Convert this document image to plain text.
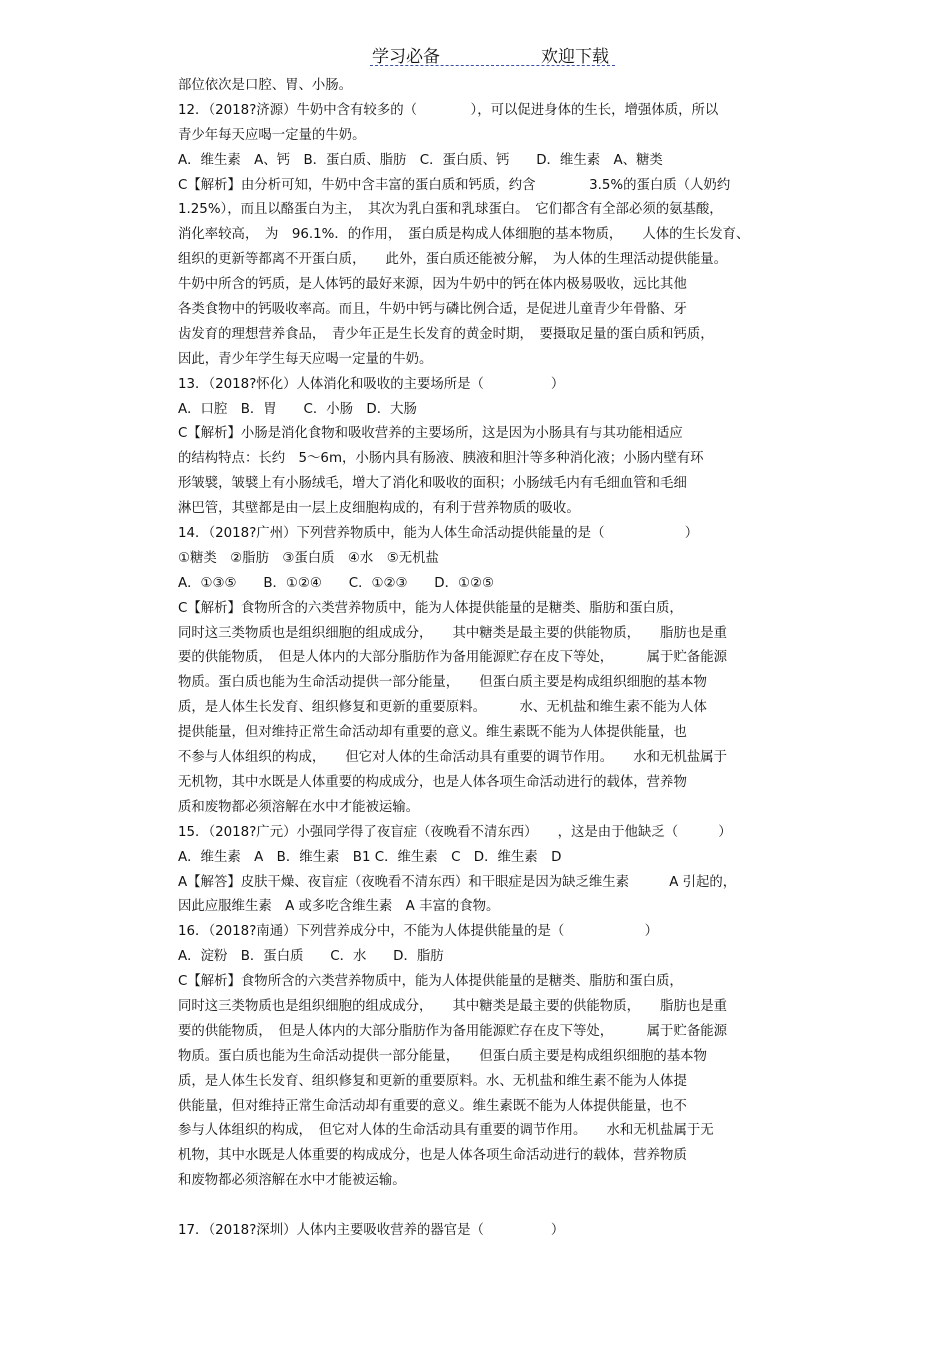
学习必备	欢迎下载
部位依次是口腔、胃、小肠。
12．（2018?济源）牛奶中含有较多的（　　　　），可以促进身体的生长，增强体质，所以
青少年每天应喝一定量的牛奶。
A．维生素　A、钙　B．蛋白质、脂肪　C．蛋白质、钙　　D．维生素　A、糖类
C【解析】由分析可知，牛奶中含丰富的蛋白质和钙质，约含　　　　3.5%的蛋白质（人奶约
1.25%），而且以酪蛋白为主，　其次为乳白蛋和乳球蛋白。　它们都含有全部必须的氨基酸，
消化率较高，　为　96.1%．的作用，　蛋白质是构成人体细胞的基本物质，　　人体的生长发育、
组织的更新等都离不开蛋白质，　　此外，蛋白质还能被分解，　为人体的生理活动提供能量。
牛奶中所含的钙质，是人体钙的最好来源，因为牛奶中的钙在体内极易吸收，远比其他
各类食物中的钙吸收率高。而且，牛奶中钙与磷比例合适，是促进儿童青少年骨骼、牙
齿发育的理想营养食品，　青少年正是生长发育的黄金时期，　要摄取足量的蛋白质和钙质，
因此，青少年学生每天应喝一定量的牛奶。
13．（2018?怀化）人体消化和吸收的主要场所是（　　　　　）
A．口腔　B．胃　　C．小肠　D．大肠
C【解析】小肠是消化食物和吸收营养的主要场所，这是因为小肠具有与其功能相适应
的结构特点：长约　5～6m，小肠内具有肠液、胰液和胆汁等多种消化液；小肠内壁有环
形皱襞，皱襞上有小肠绒毛，增大了消化和吸收的面积；小肠绒毛内有毛细血管和毛细
淋巴管，其壁都是由一层上皮细胞构成的，有利于营养物质的吸收。
14．（2018?广州）下列营养物质中，能为人体生命活动提供能量的是（　　　　　　）
①糖类　②脂肪　③蛋白质　④水　⑤无机盐
A．①③⑤　　B．①②④　　C．①②③　　D．①②⑤
C【解析】食物所含的六类营养物质中，能为人体提供能量的是糖类、脂肪和蛋白质，
同时这三类物质也是组织细胞的组成成分，　　其中糖类是最主要的供能物质，　　脂肪也是重
要的供能物质，　但是人体内的大部分脂肪作为备用能源贮存在皮下等处，　　　属于贮备能源
物质。蛋白质也能为生命活动提供一部分能量，　　但蛋白质主要是构成组织细胞的基本物
质，是人体生长发育、组织修复和更新的重要原料。　　　水、无机盐和维生素不能为人体
提供能量，但对维持正常生命活动却有重要的意义。维生素既不能为人体提供能量，也
不参与人体组织的构成，　　但它对人体的生命活动具有重要的调节作用。　　水和无机盐属于
无机物，其中水既是人体重要的构成成分，也是人体各项生命活动进行的载体，营养物
质和废物都必须溶解在水中才能被运输。
15．（2018?广元）小强同学得了夜盲症（夜晚看不清东西）　　，这是由于他缺乏（　　　）
A．维生素　A　B．维生素　B1 C．维生素　C　D．维生素　D
A【解答】皮肤干燥、夜盲症（夜晚看不清东西）和干眼症是因为缺乏维生素　　　A 引起的，
因此应服维生素　A 或多吃含维生素　A 丰富的食物。
16．（2018?南通）下列营养成分中，不能为人体提供能量的是（　　　　　　）
A．淀粉　B．蛋白质　　C．水　　D．脂肪
C【解析】食物所含的六类营养物质中，能为人体提供能量的是糖类、脂肪和蛋白质，
同时这三类物质也是组织细胞的组成成分，　　其中糖类是最主要的供能物质，　　脂肪也是重
要的供能物质，　但是人体内的大部分脂肪作为备用能源贮存在皮下等处，　　　属于贮备能源
物质。蛋白质也能为生命活动提供一部分能量，　　但蛋白质主要是构成组织细胞的基本物
质，是人体生长发育、组织修复和更新的重要原料。水、无机盐和维生素不能为人体提
供能量，但对维持正常生命活动却有重要的意义。维生素既不能为人体提供能量，也不
参与人体组织的构成，　但它对人体的生命活动具有重要的调节作用。　　水和无机盐属于无
机物，其中水既是人体重要的构成成分，也是人体各项生命活动进行的载体，营养物质
和废物都必须溶解在水中才能被运输。
17．（2018?深圳）人体内主要吸收营养的器官是（　　　　　）
